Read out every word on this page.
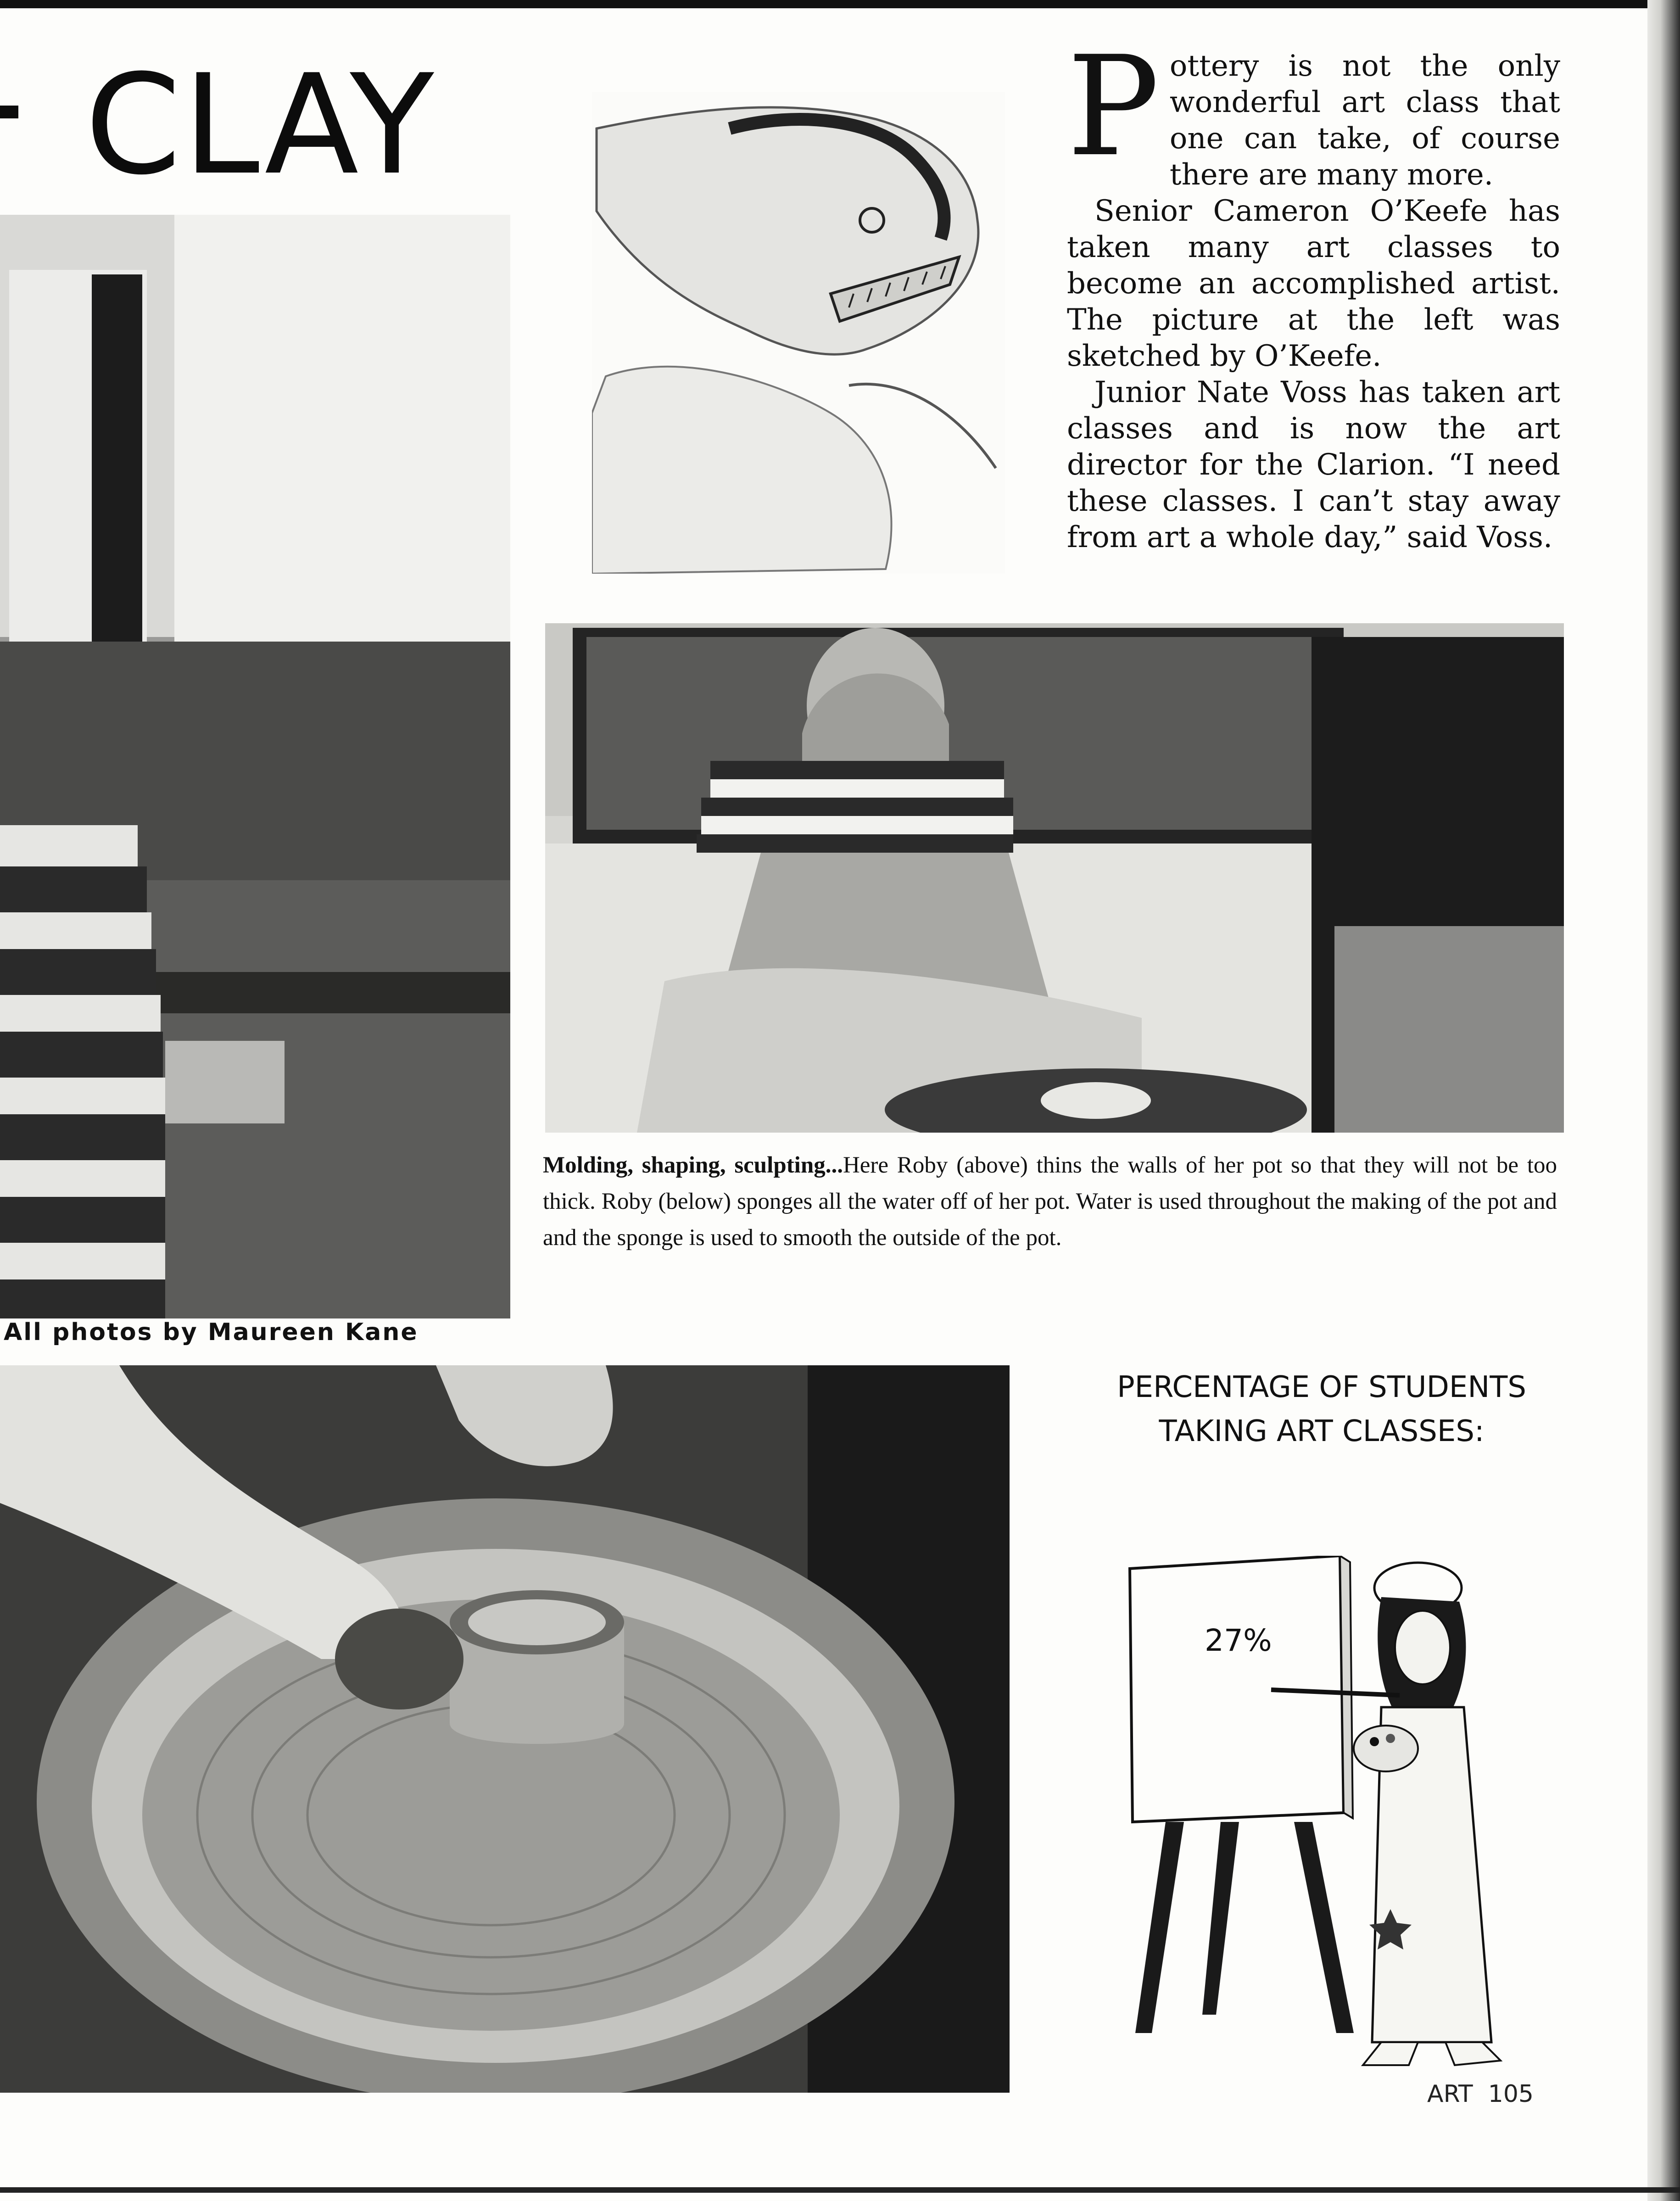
CLAY	Pottery is not the only wonderful art class that one can take, of course there are many more.

Senior Cameron O’Keefe has taken many art classes to become an accomplished artist. The picture at the left was sketched by O’Keefe.

Junior Nate Voss has taken art classes and is now the art director for the Clarion. “I need these classes. I can’t stay away from art a whole day,” said Voss.

Molding, shaping, sculpting...Here Roby (above) thins the walls of her pot so that they will not be too thick. Roby (below) sponges all the water off of her pot. Water is used throughout the making of the pot and and the sponge is used to smooth the outside of the pot.
All photos by Maureen Kane
PERCENTAGE OF STUDENTS
TAKING ART CLASSES:
27%
ART 105
